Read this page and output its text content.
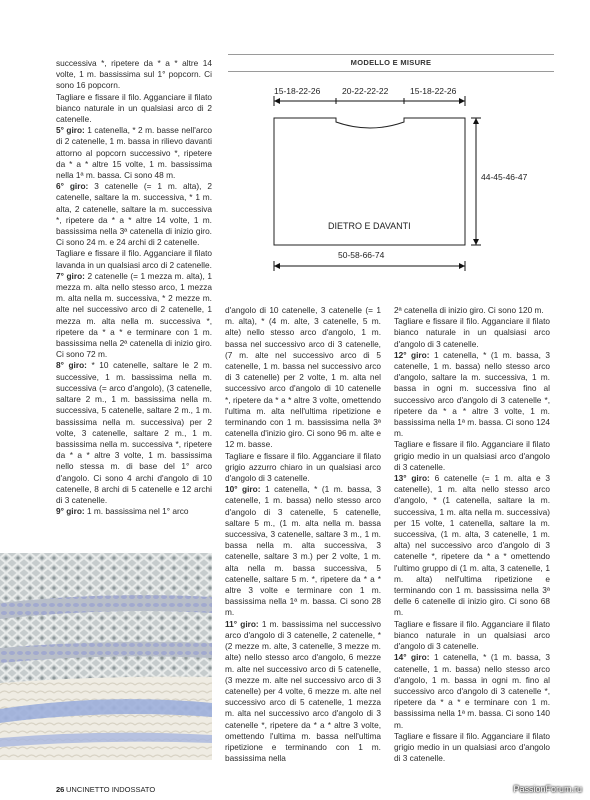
successiva *, ripetere da * a * altre 14 volte, 1 m. bassissima sul 1° popcorn. Ci sono 16 popcorn.

Tagliare e fissare il filo. Agganciare il filato bianco naturale in un qualsiasi arco di 2 catenelle.

5° giro: 1 catenella, * 2 m. basse nell'arco di 2 catenelle, 1 m. bassa in rilievo davanti attorno al popcorn successivo *, ripetere da * a * altre 15 volte, 1 m. bassissima nella 1ª m. bassa. Ci sono 48 m.

6° giro: 3 catenelle (= 1 m. alta), 2 catenelle, saltare la m. successiva, * 1 m. alta, 2 catenelle, saltare la m. successiva *, ripetere da * a * altre 14 volte, 1 m. bassissima nella 3ª catenella di inizio giro. Ci sono 24 m. e 24 archi di 2 catenelle.

Tagliare e fissare il filo. Agganciare il filato lavanda in un qualsiasi arco di 2 catenelle.

7° giro: 2 catenelle (= 1 mezza m. alta), 1 mezza m. alta nello stesso arco, 1 mezza m. alta nella m. successiva, * 2 mezze m. alte nel successivo arco di 2 catenelle, 1 mezza m. alta nella m. successiva *, ripetere da * a * e terminare con 1 m. bassissima nella 2ª catenella di inizio giro. Ci sono 72 m.

8° giro: * 10 catenelle, saltare le 2 m. successive, 1 m. bassissima nella m. successiva (= arco d'angolo), (3 catenelle, saltare 2 m., 1 m. bassissima nella m. successiva, 5 catenelle, saltare 2 m., 1 m. bassissima nella m. successiva) per 2 volte, 3 catenelle, saltare 2 m., 1 m. bassissima nella m. successiva *, ripetere da * a * altre 3 volte, 1 m. bassissima nello stessa m. di base del 1° arco d'angolo. Ci sono 4 archi d'angolo di 10 catenelle, 8 archi di 5 catenelle e 12 archi di 3 catenelle.

9° giro: 1 m. bassissima nel 1° arco

d'angolo di 10 catenelle, 3 catenelle (= 1 m. alta), * (4 m. alte, 3 catenelle, 5 m. alte) nello stesso arco d'angolo, 1 m. bassa nel successivo arco di 3 catenelle, (7 m. alte nel successivo arco di 5 catenelle, 1 m. bassa nel successivo arco di 3 catenelle) per 2 volte, 1 m. alta nel successivo arco d'angolo di 10 catenelle *, ripetere da * a * altre 3 volte, omettendo l'ultima m. alta nell'ultima ripetizione e terminando con 1 m. bassissima nella 3ª catenella d'inizio giro. Ci sono 96 m. alte e 12 m. basse.

Tagliare e fissare il filo. Agganciare il filato grigio azzurro chiaro in un qualsiasi arco d'angolo di 3 catenelle.

10° giro: 1 catenella, * (1 m. bassa, 3 catenelle, 1 m. bassa) nello stesso arco d'angolo di 3 catenelle, 5 catenelle, saltare 5 m., (1 m. alta nella m. bassa successiva, 3 catenelle, saltare 3 m., 1 m. bassa nella m. alta successiva, 3 catenelle, saltare 3 m.) per 2 volte, 1 m. alta nella m. bassa successiva, 5 catenelle, saltare 5 m. *, ripetere da * a * altre 3 volte e terminare con 1 m. bassissima nella 1ª m. bassa. Ci sono 28 m.

11° giro: 1 m. bassissima nel successivo arco d'angolo di 3 catenelle, 2 catenelle, * (2 mezze m. alte, 3 catenelle, 3 mezze m. alte) nello stesso arco d'angolo, 6 mezze m. alte nel successivo arco di 5 catenelle, (3 mezze m. alte nel successivo arco di 3 catenelle) per 4 volte, 6 mezze m. alte nel successivo arco di 5 catenelle, 1 mezza m. alta nel successivo arco d'angolo di 3 catenelle *, ripetere da * a * altre 3 volte, omettendo l'ultima m. bassa nell'ultima ripetizione e terminando con 1 m. bassissima nella

2ª catenella di inizio giro. Ci sono 120 m.

Tagliare e fissare il filo. Agganciare il filato bianco naturale in un qualsiasi arco d'angolo di 3 catenelle.

12° giro: 1 catenella, * (1 m. bassa, 3 catenelle, 1 m. bassa) nello stesso arco d'angolo, saltare la m. successiva, 1 m. bassa in ogni m. successiva fino al successivo arco d'angolo di 3 catenelle *, ripetere da * a * altre 3 volte, 1 m. bassissima nella 1ª m. bassa. Ci sono 124 m.

Tagliare e fissare il filo. Agganciare il filato grigio medio in un qualsiasi arco d'angolo di 3 catenelle.

13° giro: 6 catenelle (= 1 m. alta e 3 catenelle), 1 m. alta nello stesso arco d'angolo, * (1 catenella, saltare la m. successiva, 1 m. alta nella m. successiva) per 15 volte, 1 catenella, saltare la m. successiva, (1 m. alta, 3 catenelle, 1 m. alta) nel successivo arco d'angolo di 3 catenelle *, ripetere da * a * omettendo l'ultimo gruppo di (1 m. alta, 3 catenelle, 1 m. alta) nell'ultima ripetizione e terminando con 1 m. bassissima nella 3ª delle 6 catenelle di inizio giro. Ci sono 68 m.

Tagliare e fissare il filo. Agganciare il filato bianco naturale in un qualsiasi arco d'angolo di 3 catenelle.

14° giro: 1 catenella, * (1 m. bassa, 3 catenelle, 1 m. bassa) nello stesso arco d'angolo, 1 m. bassa in ogni m. fino al successivo arco d'angolo di 3 catenelle *, ripetere da * a * e terminare con 1 m. bassissima nella 1ª m. bassa. Ci sono 140 m.

Tagliare e fissare il filo. Agganciare il filato grigio medio in un qualsiasi arco d'angolo di 3 catenelle.

MODELLO E MISURE
15-18-22-26	20-22-22-22	15-18-22-26
44-45-46-47
50-58-66-74
DIETRO E DAVANTI
26 UNCINETTO INDOSSATO	PassionForum.ru
